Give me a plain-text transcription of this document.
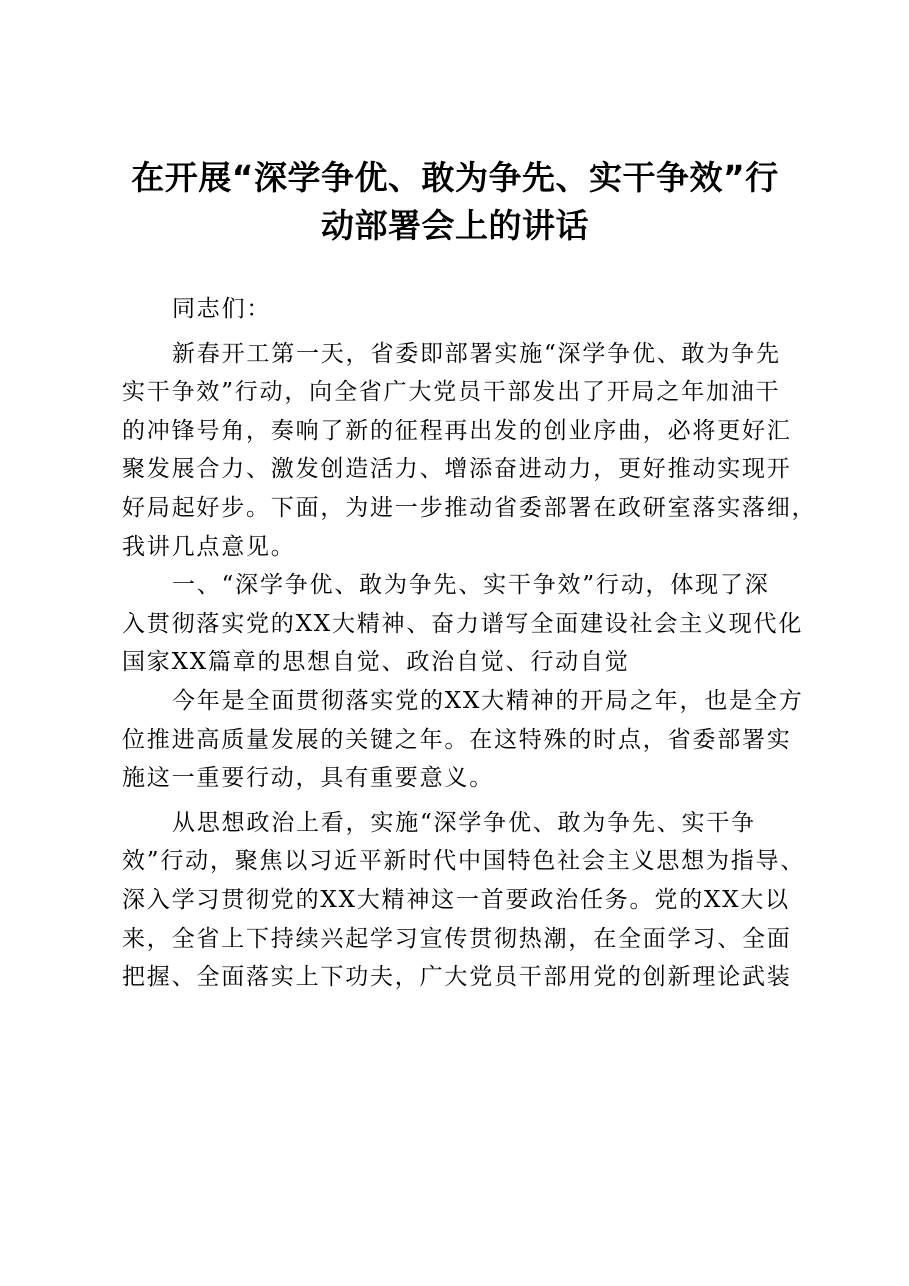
在开展“深学争优、敢为争先、实干争效”行
动部署会上的讲话
同志们：
新春开工第一天，省委即部署实施“深学争优、敢为争先
实干争效”行动，向全省广大党员干部发出了开局之年加油干
的冲锋号角，奏响了新的征程再出发的创业序曲，必将更好汇
聚发展合力、激发创造活力、增添奋进动力，更好推动实现开
好局起好步。下面，为进一步推动省委部署在政研室落实落细，
我讲几点意见。
一、“深学争优、敢为争先、实干争效”行动，体现了深
入贯彻落实党的XX大精神、奋力谱写全面建设社会主义现代化
国家XX篇章的思想自觉、政治自觉、行动自觉
今年是全面贯彻落实党的XX大精神的开局之年，也是全方
位推进高质量发展的关键之年。在这特殊的时点，省委部署实
施这一重要行动，具有重要意义。
从思想政治上看，实施“深学争优、敢为争先、实干争
效”行动，聚焦以习近平新时代中国特色社会主义思想为指导、
深入学习贯彻党的XX大精神这一首要政治任务。党的XX大以
来，全省上下持续兴起学习宣传贯彻热潮，在全面学习、全面
把握、全面落实上下功夫，广大党员干部用党的创新理论武装
